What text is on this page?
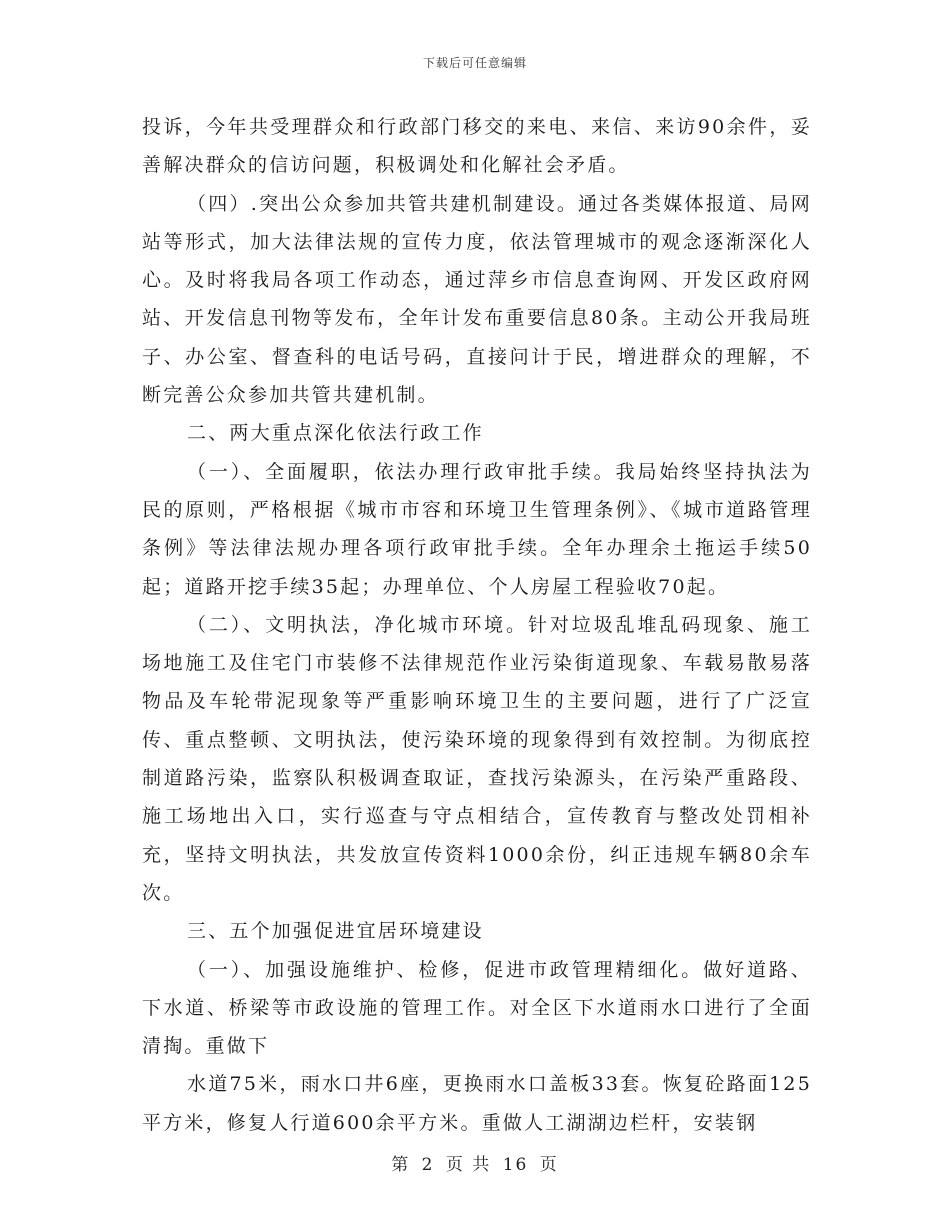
下载后可任意编辑

投诉，今年共受理群众和行政部门移交的来电、来信、来访90余件，妥善解决群众的信访问题，积极调处和化解社会矛盾。

（四）.突出公众参加共管共建机制建设。通过各类媒体报道、局网站等形式，加大法律法规的宣传力度，依法管理城市的观念逐渐深化人心。及时将我局各项工作动态，通过萍乡市信息查询网、开发区政府网站、开发信息刊物等发布，全年计发布重要信息80条。主动公开我局班子、办公室、督查科的电话号码，直接问计于民，增进群众的理解，不断完善公众参加共管共建机制。

二、两大重点深化依法行政工作

（一）、全面履职，依法办理行政审批手续。我局始终坚持执法为民的原则，严格根据《城市市容和环境卫生管理条例》、《城市道路管理条例》等法律法规办理各项行政审批手续。全年办理余土拖运手续50起；道路开挖手续35起；办理单位、个人房屋工程验收70起。

（二）、文明执法，净化城市环境。针对垃圾乱堆乱码现象、施工场地施工及住宅门市装修不法律规范作业污染街道现象、车载易散易落物品及车轮带泥现象等严重影响环境卫生的主要问题，进行了广泛宣传、重点整顿、文明执法，使污染环境的现象得到有效控制。为彻底控制道路污染，监察队积极调查取证，查找污染源头，在污染严重路段、施工场地出入口，实行巡查与守点相结合，宣传教育与整改处罚相补充，坚持文明执法，共发放宣传资料1000余份，纠正违规车辆80余车次。

三、五个加强促进宜居环境建设

（一）、加强设施维护、检修，促进市政管理精细化。做好道路、下水道、桥梁等市政设施的管理工作。对全区下水道雨水口进行了全面清掏。重做下

水道75米，雨水口井6座，更换雨水口盖板33套。恢复砼路面125平方米，修复人行道600余平方米。重做人工湖湖边栏杆，安装钢

第 2 页 共 16 页
